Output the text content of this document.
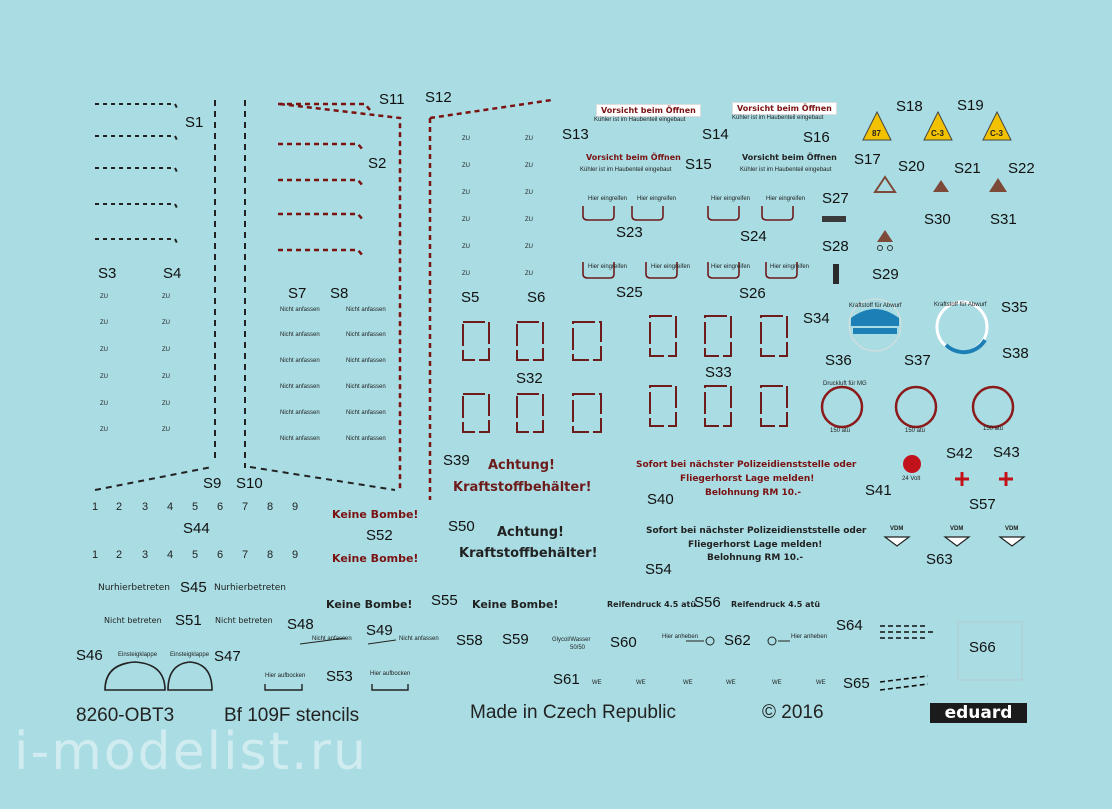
S1
S2
S3	S4
S5	S6
S7 S8
S9 S10
S11 S12
S13	S14
S15
S16
S17
S18 S19
S20 S21 S22
S23	S24
S25	S26
S27
S28
S29
S30	S31
S32	S33
S34
S35
S36	S37	S38
S39
S40
S41
S42 S43
S44
S45
S46	S47
S48	S49
S50
S51
S52
S53
S54
S55	S56
S57
S58 S59	S60
S61
S62
S63
S64
S65
S66
ZU
ZU
ZU
ZU
ZU
ZU
ZU
ZU
ZU
ZU
ZU
ZU
ZU
ZU
ZU
ZU
ZU
ZU
ZU
ZU
ZU
ZU
ZU
ZU
Nicht anfassen
Nicht anfassen
Nicht anfassen
Nicht anfassen
Nicht anfassen
Nicht anfassen
Nicht anfassen
Nicht anfassen
Nicht anfassen
Nicht anfassen
Nicht anfassen
Nicht anfassen
Vorsicht beim Öffnen
Kühler ist im Haubenteil eingebaut
Vorsicht beim Öffnen
Kühler ist im Haubenteil eingebaut
Vorsicht beim Öffnen
Kühler ist im Haubenteil eingebaut
Vorsicht beim Öffnen
Kühler ist im Haubenteil eingebaut
Hier eingreifen Hier eingreifen	Hier eingreifen	Hier eingreifen
Hier eingreifen	Hier eingreifen	Hier eingreifen	Hier eingreifen
87	C-3	C-3
Kraftstoff für Abwurf	Kraftstoff für Abwurf
Druckluft für MG
150 atü	150 atü	150 atü
24 Volt
VDM	VDM	VDM
Achtung!
Kraftstoffbehälter!
Achtung!
Kraftstoffbehälter!
Sofort bei nächster Polizeidienststelle oder
Fliegerhorst Lage melden!
Belohnung RM 10.-
Sofort bei nächster Polizeidienststelle oder
Fliegerhorst Lage melden!
Belohnung RM 10.-
Keine Bombe!
Keine Bombe!
Keine Bombe!	Keine Bombe!
1 2 3 4 5 6 7 8 9
1 2 3 4 5 6 7 8 9
Nurhierbetreten	Nurhierbetreten
Nicht betreten	Nicht betreten
Reifendruck 4.5 atü	Reifendruck 4.5 atü
Nicht anfassen	Nicht anfassen	Glycol/Wasser
50/50
Hier anheben	Hier anheben
Hier aufbocken	Hier aufbocken
Einsteigklappe Einsteigklappe
WE	WE	WE	WE	WE	WE
8260-OBT3	Bf 109F stencils	Made in Czech Republic	© 2016	eduard
i-modelist.ru
